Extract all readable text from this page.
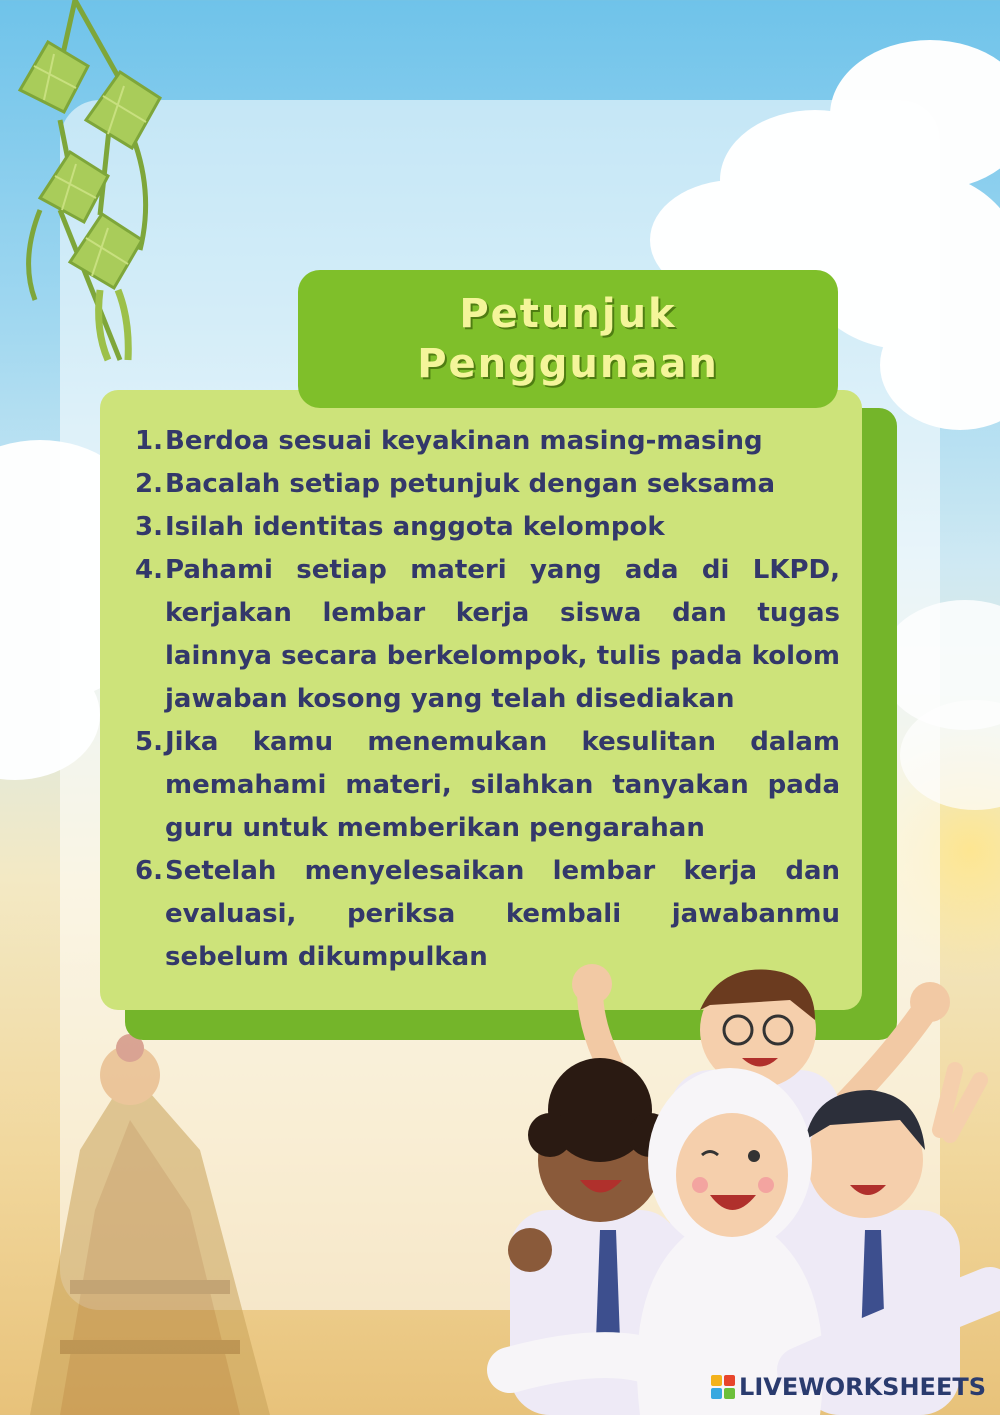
Petunjuk
Penggunaan
1. Berdoa sesuai keyakinan masing-masing
2. Bacalah setiap petunjuk dengan seksama
3. Isilah identitas anggota kelompok
4. Pahami setiap materi yang ada di LKPD, kerjakan lembar kerja siswa dan tugas lainnya secara berkelompok, tulis pada kolom jawaban kosong yang telah disediakan
5. Jika kamu menemukan kesulitan dalam memahami materi, silahkan tanyakan pada guru untuk memberikan pengarahan
6. Setelah menyelesaikan lembar kerja dan evaluasi, periksa kembali jawabanmu sebelum dikumpulkan
LIVEWORKSHEETS
